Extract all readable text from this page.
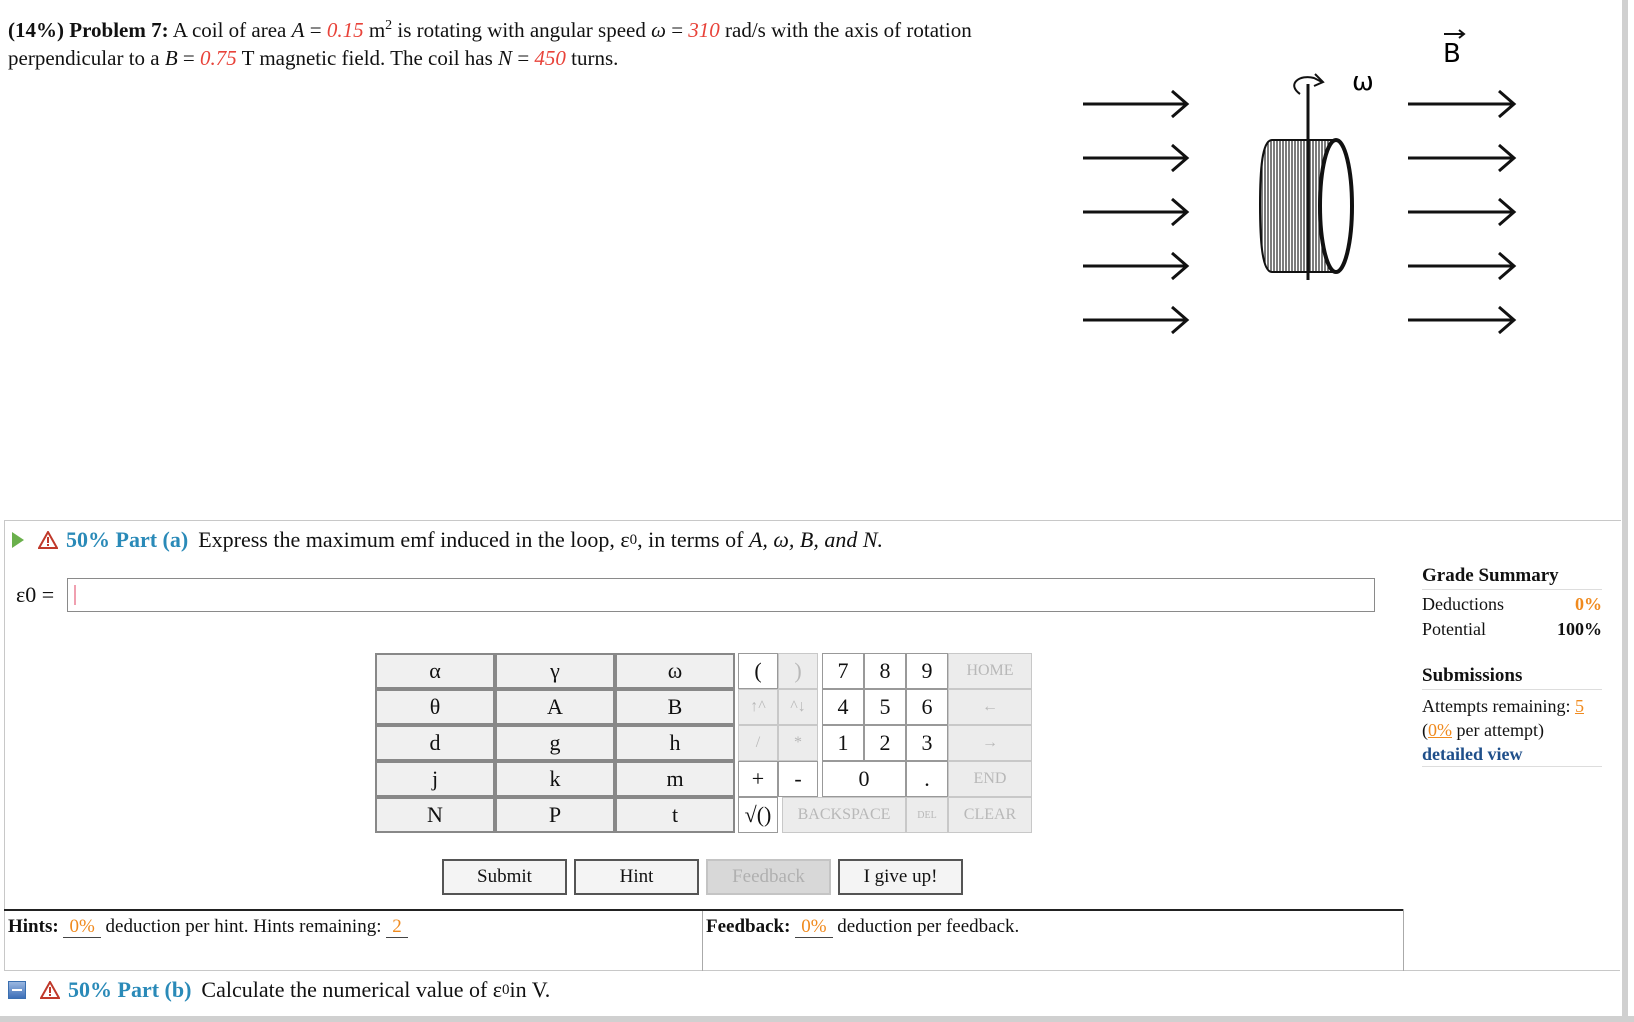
(14%) Problem 7: A coil of area A = 0.15 $m^2$ is rotating with angular speed ω = 310 rad/s with the axis of rotation perpendicular to a B = 0.75 T magnetic field. The coil has N = 450 turns.
ω
B
50% Part (a) Express the maximum emf induced in the loop, ε 0 , in terms of
A, ω, B, and N.
ε0 =
α	γ	ω
θ	A	B
d	g	h
j	k	m
N	P	t
(	)
↑^	^↓
/	*
+	-
√()
7	8	9
4	5	6
1	2	3
0	.
BACKSPACE	DEL
HOME
←
→
END
CLEAR
Submit	Hint	Feedback	I give up!
Hints: 0% deduction per hint. Hints remaining: 2	Feedback: 0% deduction per feedback.
Grade Summary
Deductions	0%
Potential	100%
Submissions
Attempts remaining: 5
(0% per attempt)
detailed view
50% Part (b) Calculate the numerical value of ε 0 in V.
